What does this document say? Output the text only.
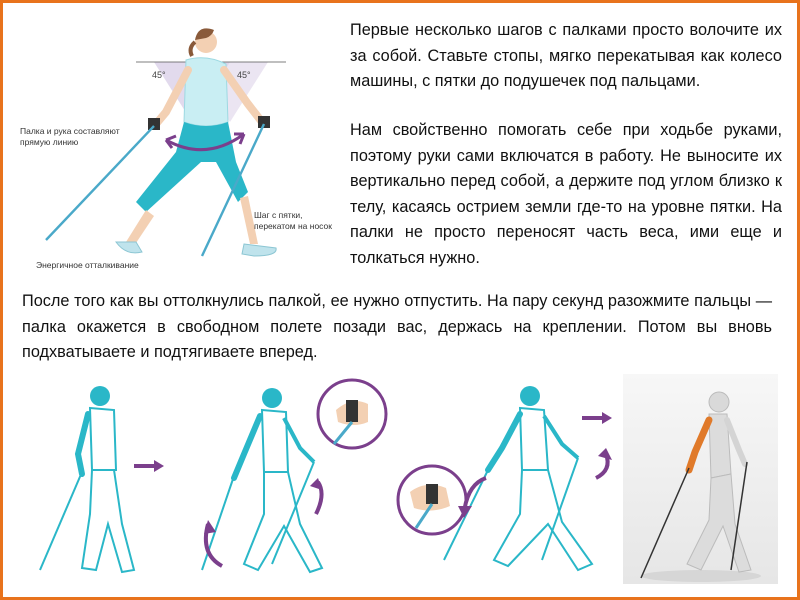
45°	45°
Палка и рука составляют
прямую линию
Шаг с пятки,
перекатом на носок
Энергичное отталкивание

Первые несколько шагов с палками просто волочите их за собой. Ставьте стопы, мягко перекатывая как колесо машины, с пятки до подушечек под пальцами.

Нам свойственно помогать себе при ходьбе руками, поэтому руки сами включатся в работу. Не выносите их вертикально перед собой, а держите под углом близко к телу, касаясь острием земли где-то на уровне пятки. На палки не просто переносят часть веса, ими еще и толкаться нужно.

После того как вы оттолкнулись палкой, ее нужно отпустить. На пару секунд разожмите пальцы — палка окажется в свободном полете позади вас, держась на креплении. Потом вы вновь подхватываете и подтягиваете вперед.
